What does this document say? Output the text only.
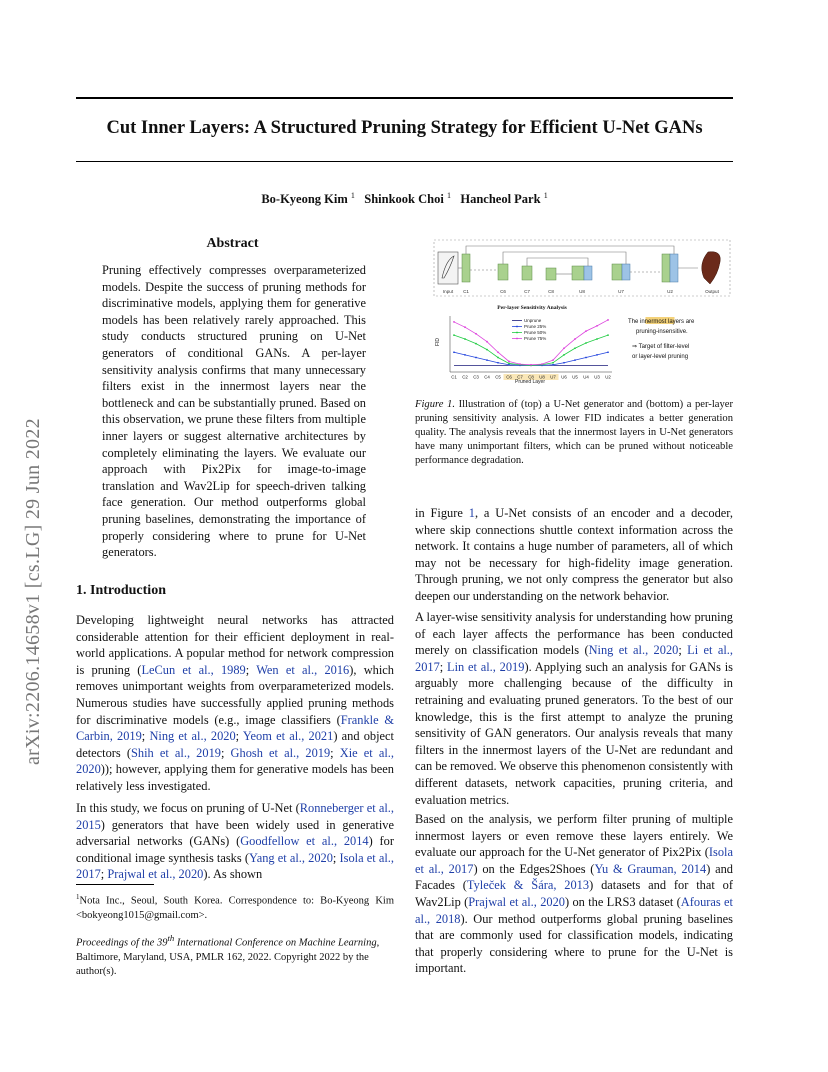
Cut Inner Layers: A Structured Pruning Strategy for Efficient U-Net GANs
Bo-Kyeong Kim $^1$ Shinkook Choi $^1$ Hancheol Park $^1$
arXiv:2206.14658v1 [cs.LG] 29 Jun 2022
Abstract

Pruning effectively compresses overparameterized models. Despite the success of pruning methods for discriminative models, applying them for generative models has been relatively rarely approached. This study conducts structured pruning on U-Net generators of conditional GANs. A per-layer sensitivity analysis confirms that many unnecessary filters exist in the innermost layers near the bottleneck and can be substantially pruned. Based on this observation, we prune these filters from multiple inner layers or suggest alternative architectures by completely eliminating the layers. We evaluate our approach with Pix2Pix for image-to-image translation and Wav2Lip for speech-driven talking face generation. Our method outperforms global pruning baselines, demonstrating the importance of properly considering where to prune for U-Net generators.

1. Introduction

Developing lightweight neural networks has attracted considerable attention for their efficient deployment in real-world applications. A popular method for network compression is pruning (LeCun et al., 1989; Wen et al., 2016), which removes unimportant weights from overparameterized models. Numerous studies have successfully applied pruning methods for discriminative models (e.g., image classifiers (Frankle & Carbin, 2019; Ning et al., 2020; Yeom et al., 2021) and object detectors (Shih et al., 2019; Ghosh et al., 2019; Xie et al., 2020)); however, applying them for generative models has been relatively less investigated.

In this study, we focus on pruning of U-Net (Ronneberger et al., 2015) generators that have been widely used in generative adversarial networks (GANs) (Goodfellow et al., 2014) for conditional image synthesis tasks (Yang et al., 2020; Isola et al., 2017; Prajwal et al., 2020). As shown

$^1$Nota Inc., Seoul, South Korea. Correspondence to: Bo-Kyeong Kim <bokyeong1015@gmail.com>.

Proceedings of the 39th International Conference on Machine Learning, Baltimore, Maryland, USA, PMLR 162, 2022. Copyright 2022 by the author(s).

Input C1	C6	C7	C8	U8	U7	U2	Output
Per-layer Sensitivity Analysis
FID
C1 C2 C3 C4 C5 C6 C7 C8 U8 U7 U6 U5 U4 U3 U2
Pruned Layer
Unprune
Prune 25%
Prune 50%
Prune 75%
The innermost layers are
pruning-insensitive.
⇒ Target of filter-level
or layer-level pruning

Figure 1. Illustration of (top) a U-Net generator and (bottom) a per-layer pruning sensitivity analysis. A lower FID indicates a better generation quality. The analysis reveals that the innermost layers in U-Net generators have many unimportant filters, which can be pruned without noticeable performance degradation.

in Figure 1, a U-Net consists of an encoder and a decoder, where skip connections shuttle context information across the network. It contains a huge number of parameters, all of which may not be necessary for high-fidelity image generation. Through pruning, we not only compress the generator but also deepen our understanding on the network behavior.

A layer-wise sensitivity analysis for understanding how pruning of each layer affects the performance has been conducted merely on classification models (Ning et al., 2020; Li et al., 2017; Lin et al., 2019). Applying such an analysis for GANs is arguably more challenging because of the difficulty in retraining and evaluating pruned generators. To the best of our knowledge, this is the first attempt to analyze the pruning sensitivity of GAN generators. Our analysis reveals that many filters in the innermost layers of the U-Net are redundant and can be removed. We observe this phenomenon consistently with different datasets, network capacities, pruning criteria, and evaluation metrics.

Based on the analysis, we perform filter pruning of multiple innermost layers or even remove these layers entirely. We evaluate our approach for the U-Net generator of Pix2Pix (Isola et al., 2017) on the Edges2Shoes (Yu & Grauman, 2014) and Facades (Tyleček & Šára, 2013) datasets and for that of Wav2Lip (Prajwal et al., 2020) on the LRS3 dataset (Afouras et al., 2018). Our method outperforms global pruning baselines that are commonly used for classification models, indicating that properly considering where to prune for the U-Net is important.
